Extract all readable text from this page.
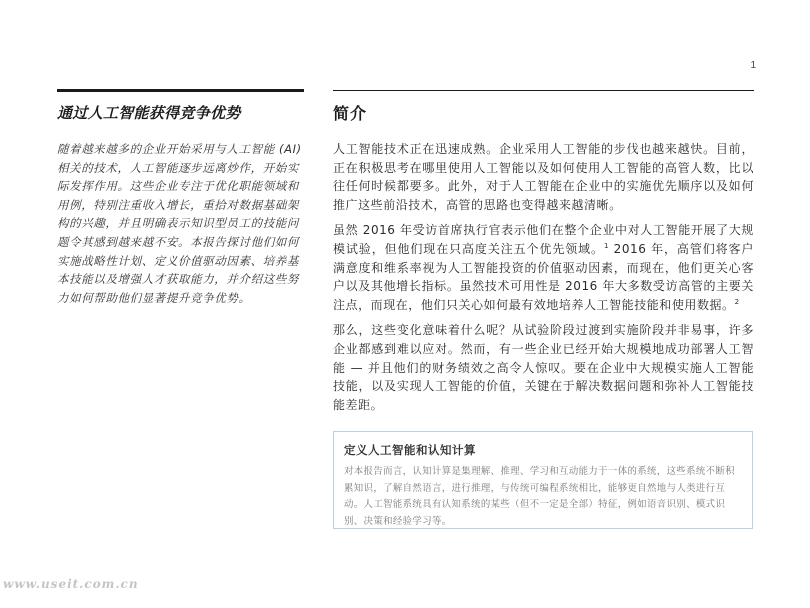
1
通过人工智能获得竞争优势

随着越来越多的企业开始采用与人工智能 (AI) 相关的技术，人工智能逐步远离炒作，开始实际发挥作用。这些企业专注于优化职能领域和用例，特别注重收入增长，重拾对数据基础架构的兴趣，并且明确表示知识型员工的技能问题令其感到越来越不安。本报告探讨他们如何实施战略性计划、定义价值驱动因素、培养基本技能以及增强人才获取能力，并介绍这些努力如何帮助他们显著提升竞争优势。

简介

人工智能技术正在迅速成熟。企业采用人工智能的步伐也越来越快。目前，正在积极思考在哪里使用人工智能以及如何使用人工智能的高管人数，比以往任何时候都要多。此外，对于人工智能在企业中的实施优先顺序以及如何推广这些前沿技术，高管的思路也变得越来越清晰。

虽然 2016 年受访首席执行官表示他们在整个企业中对人工智能开展了大规模试验，但他们现在只高度关注五个优先领域。$^1$ 2016 年，高管们将客户满意度和维系率视为人工智能投资的价值驱动因素，而现在，他们更关心客户以及其他增长指标。虽然技术可用性是 2016 年大多数受访高管的主要关注点，而现在，他们只关心如何最有效地培养人工智能技能和使用数据。$^2$

那么，这些变化意味着什么呢？从试验阶段过渡到实施阶段并非易事，许多企业都感到难以应对。然而，有一些企业已经开始大规模地成功部署人工智能 — 并且他们的财务绩效之高令人惊叹。要在企业中大规模实施人工智能技能，以及实现人工智能的价值，关键在于解决数据问题和弥补人工智能技能差距。

定义人工智能和认知计算

对本报告而言，认知计算是集理解、推理、学习和互动能力于一体的系统，这些系统不断积累知识，了解自然语言，进行推理，与传统可编程系统相比，能够更自然地与人类进行互动。人工智能系统具有认知系统的某些（但不一定是全部）特征，例如语音识别、模式识别、决策和经验学习等。

www.useit.com.cn
